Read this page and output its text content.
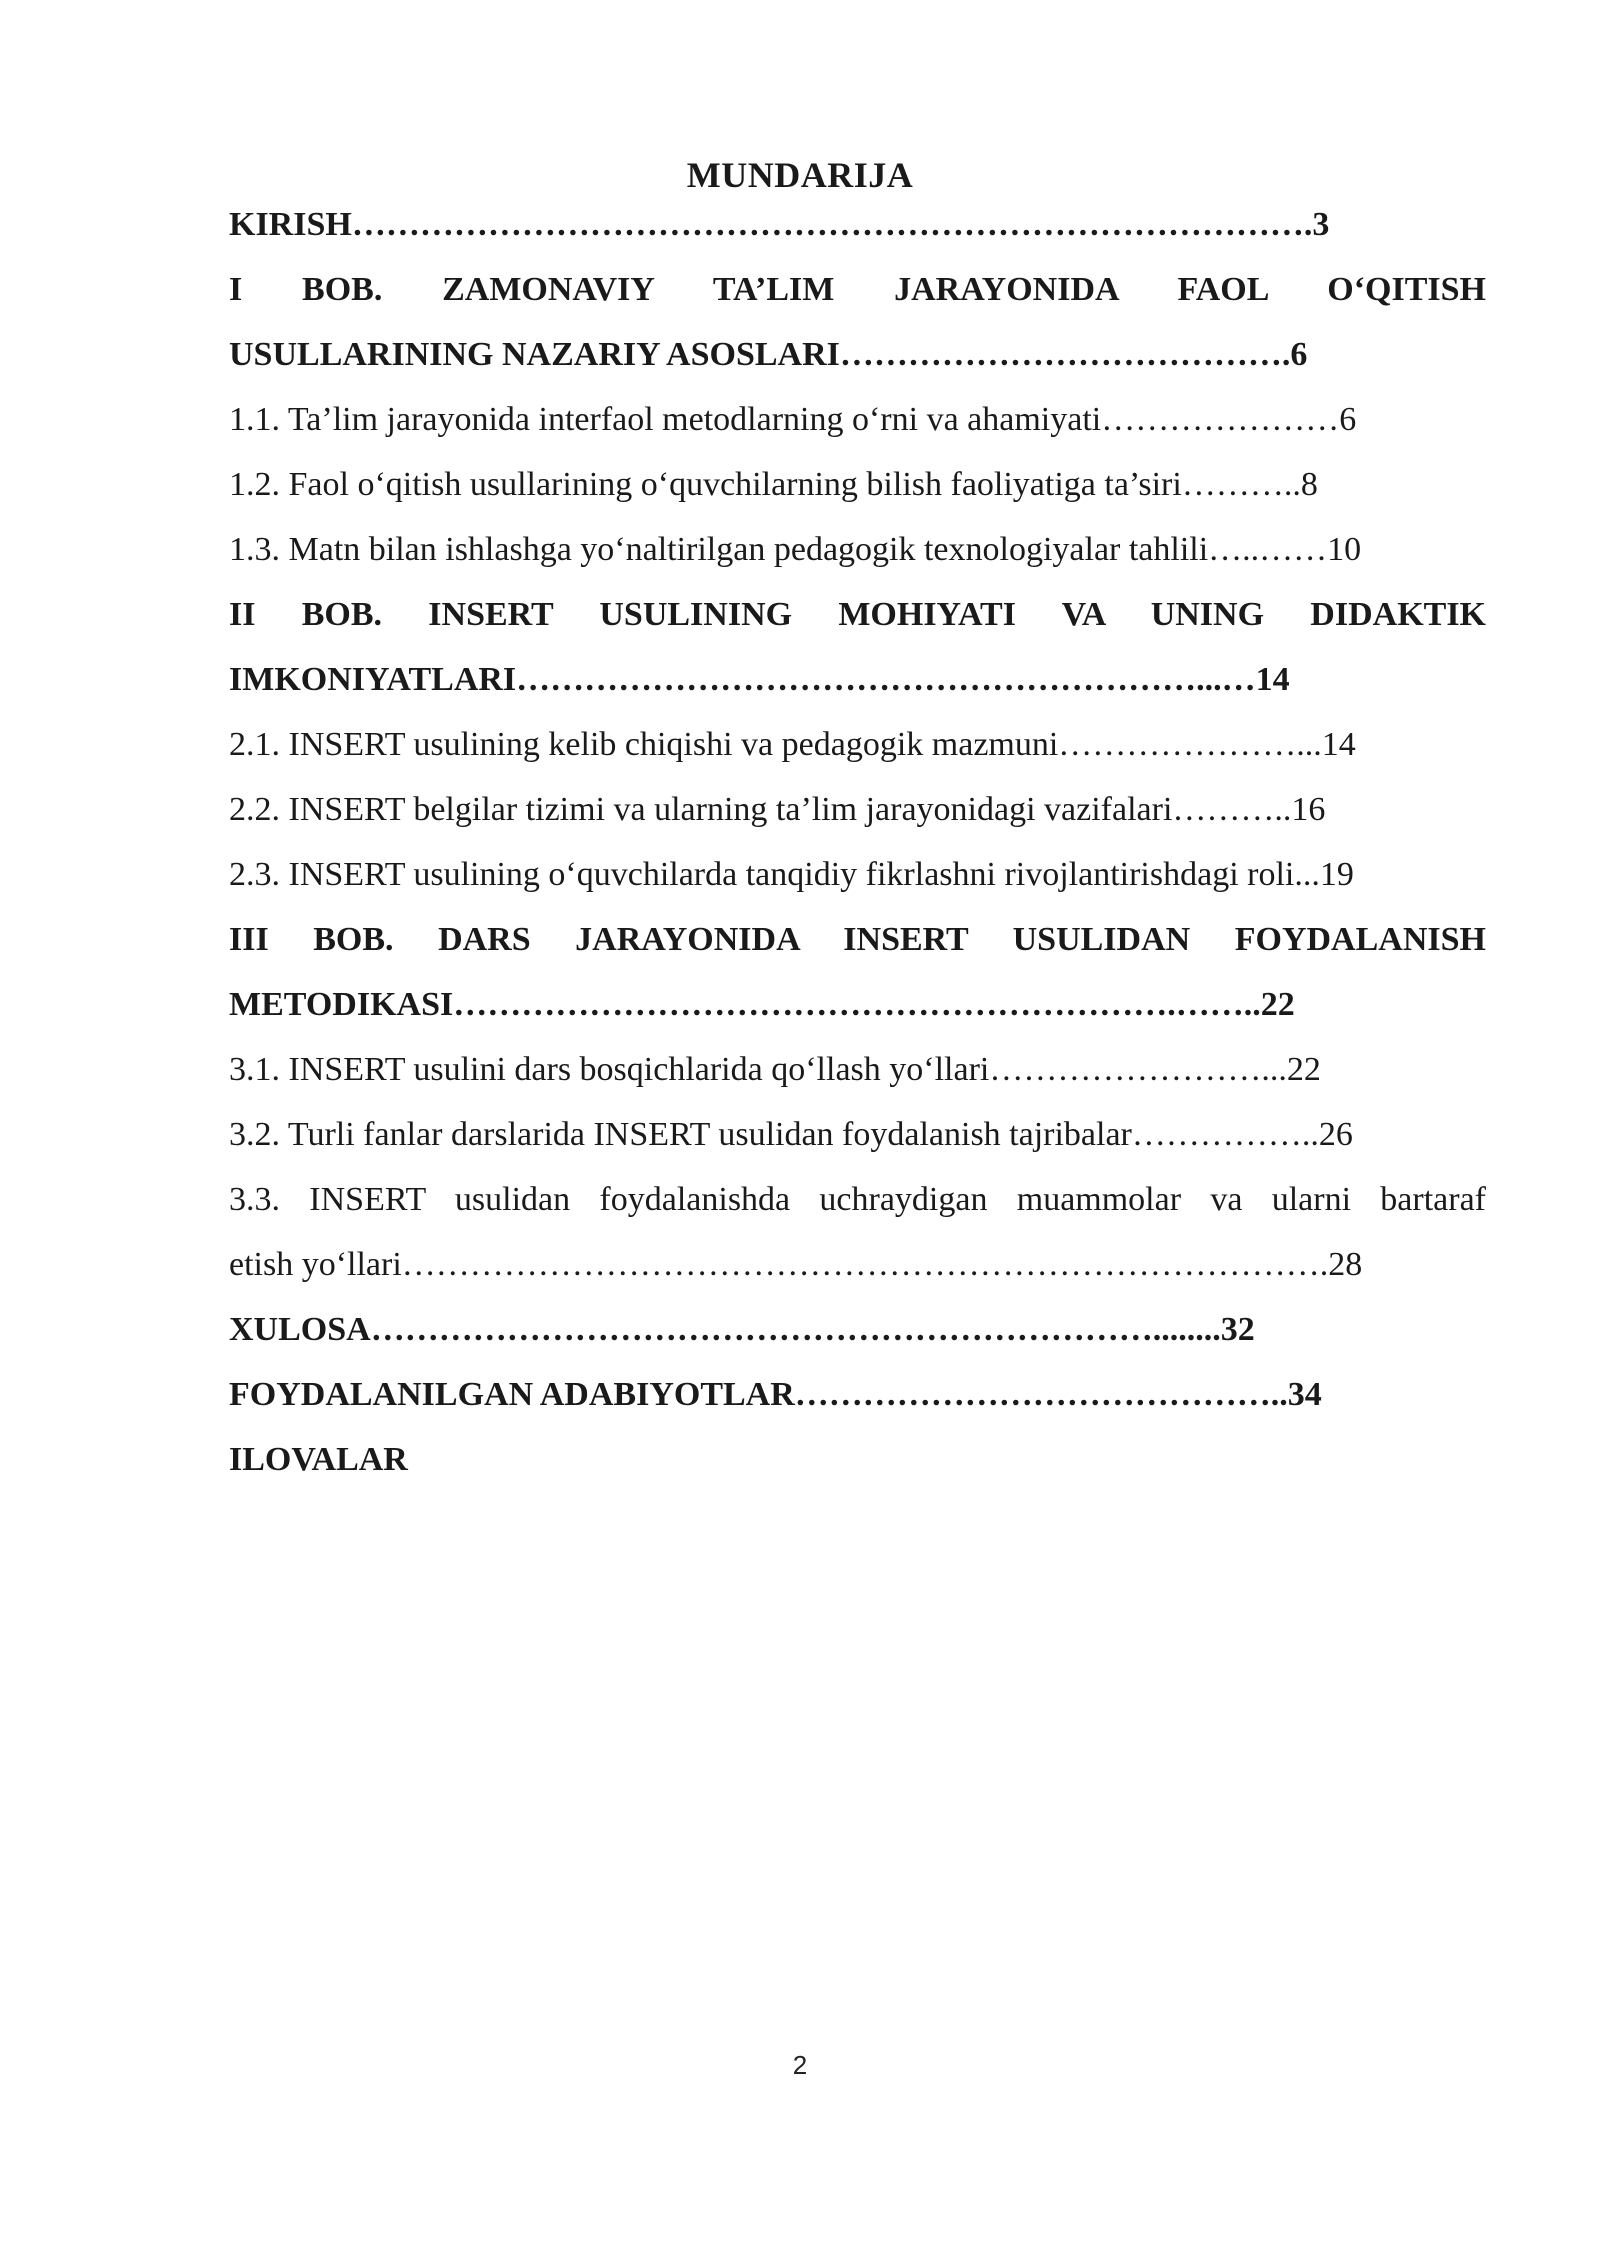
MUNDARIJA
KIRISH………………………………………………………………………….3
I BOB. ZAMONAVIY TA’LIM JARAYONIDA FAOL O‘QITISH
USULLARINING NAZARIY ASOSLARI………………………………….6
1.1. Ta’lim jarayonida interfaol metodlarning o‘rni va ahamiyati…………………6
1.2. Faol o‘qitish usullarining o‘quvchilarning bilish faoliyatiga ta’siri………..8
1.3. Matn bilan ishlashga yo‘naltirilgan pedagogik texnologiyalar tahlili…..……10
II BOB. INSERT USULINING MOHIYATI VA UNING DIDAKTIK
IMKONIYATLARI……………………………………………………...…14
2.1. INSERT usulining kelib chiqishi va pedagogik mazmuni…………………...14
2.2. INSERT belgilar tizimi va ularning ta’lim jarayonidagi vazifalari………..16
2.3. INSERT usulining o‘quvchilarda tanqidiy fikrlashni rivojlantirishdagi roli...19
III BOB. DARS JARAYONIDA INSERT USULIDAN FOYDALANISH
METODIKASI……………………………………………………….……..22
3.1. INSERT usulini dars bosqichlarida qo‘llash yo‘llari……………………...22
3.2. Turli fanlar darslarida INSERT usulidan foydalanish tajribalar……………..26
3.3. INSERT usulidan foydalanishda uchraydigan muammolar va ularni bartaraf
etish yo‘llari……………………………………………………………………….28
XULOSA……………………………………………………………........32
FOYDALANILGAN ADABIYOTLAR……………………………………..34
ILOVALAR
2
